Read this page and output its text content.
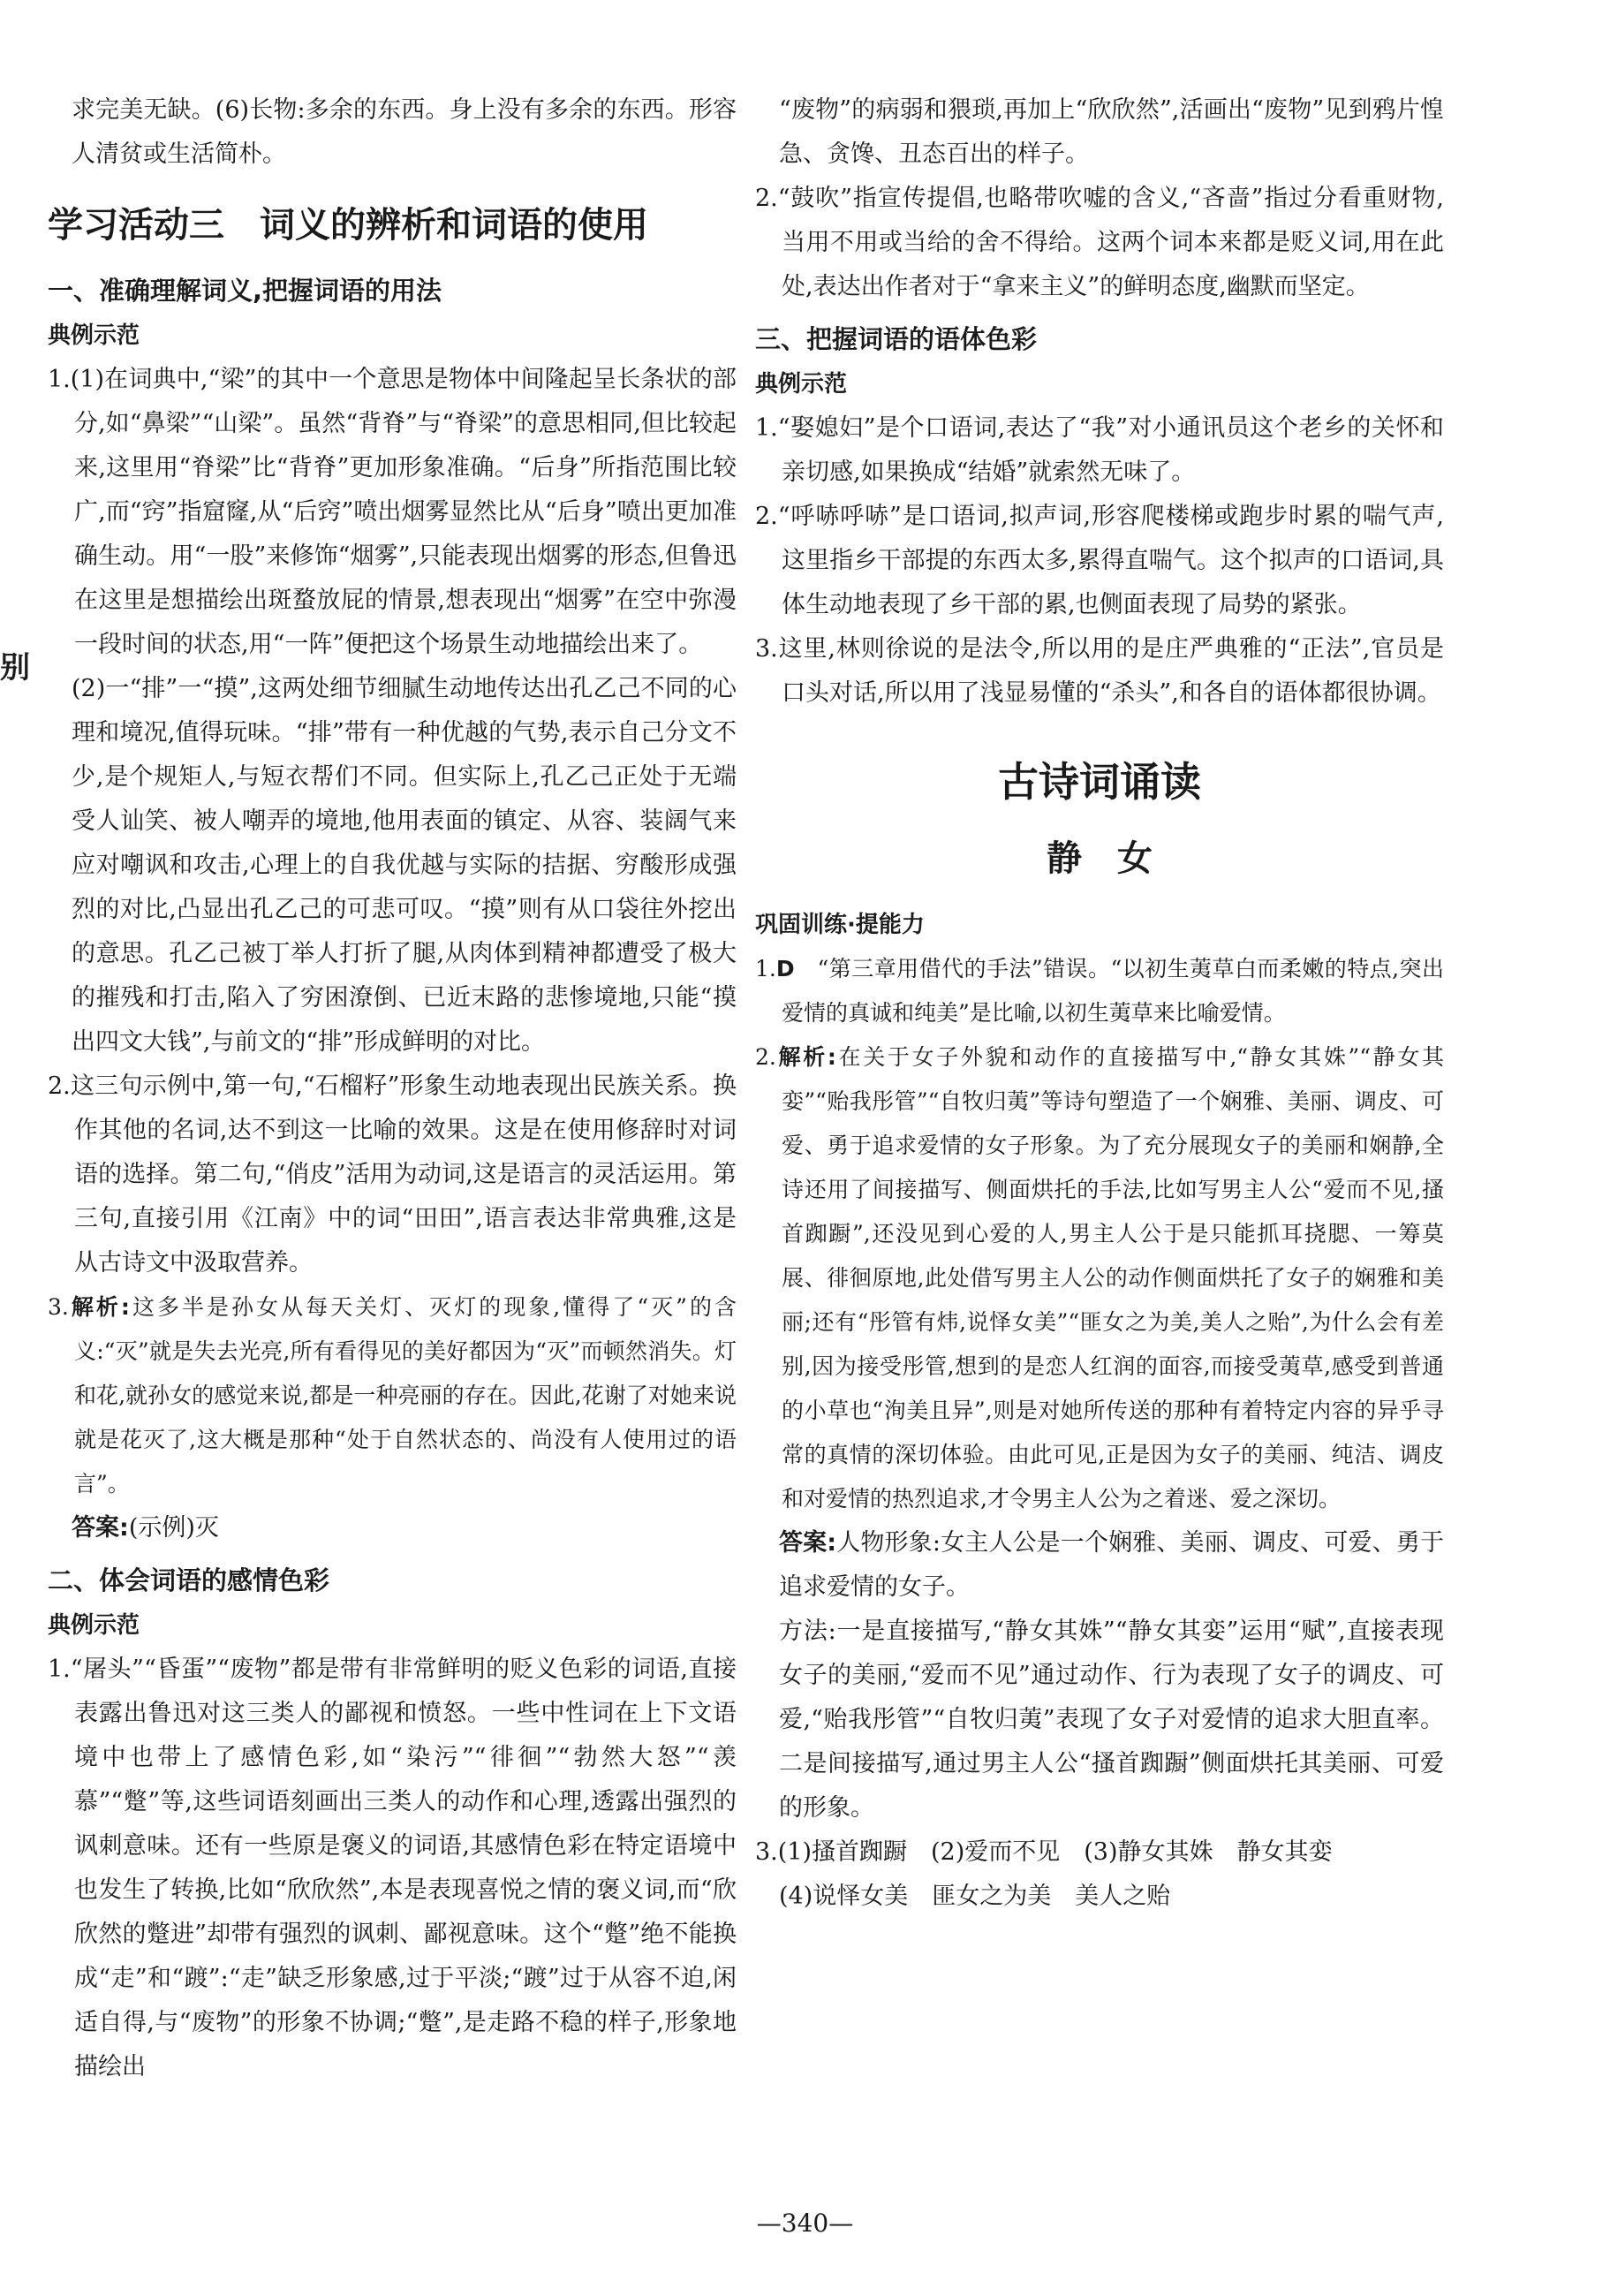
别

求完美无缺。(6)长物:多余的东西。身上没有多余的东西。形容人清贫或生活简朴。

学习活动三　词义的辨析和词语的使用
一、准确理解词义,把握词语的用法
典例示范

1.(1)在词典中,“梁”的其中一个意思是物体中间隆起呈长条状的部分,如“鼻梁”“山梁”。虽然“背脊”与“脊梁”的意思相同,但比较起来,这里用“脊梁”比“背脊”更加形象准确。“后身”所指范围比较广,而“窍”指窟窿,从“后窍”喷出烟雾显然比从“后身”喷出更加准确生动。用“一股”来修饰“烟雾”,只能表现出烟雾的形态,但鲁迅在这里是想描绘出斑蝥放屁的情景,想表现出“烟雾”在空中弥漫一段时间的状态,用“一阵”便把这个场景生动地描绘出来了。

(2)一“排”一“摸”,这两处细节细腻生动地传达出孔乙己不同的心理和境况,值得玩味。“排”带有一种优越的气势,表示自己分文不少,是个规矩人,与短衣帮们不同。但实际上,孔乙己正处于无端受人讪笑、被人嘲弄的境地,他用表面的镇定、从容、装阔气来应对嘲讽和攻击,心理上的自我优越与实际的拮据、穷酸形成强烈的对比,凸显出孔乙己的可悲可叹。“摸”则有从口袋往外挖出的意思。孔乙己被丁举人打折了腿,从肉体到精神都遭受了极大的摧残和打击,陷入了穷困潦倒、已近末路的悲惨境地,只能“摸出四文大钱”,与前文的“排”形成鲜明的对比。

2.这三句示例中,第一句,“石榴籽”形象生动地表现出民族关系。换作其他的名词,达不到这一比喻的效果。这是在使用修辞时对词语的选择。第二句,“俏皮”活用为动词,这是语言的灵活运用。第三句,直接引用《江南》中的词“田田”,语言表达非常典雅,这是从古诗文中汲取营养。

3.解析:这多半是孙女从每天关灯、灭灯的现象,懂得了“灭”的含义:“灭”就是失去光亮,所有看得见的美好都因为“灭”而顿然消失。灯和花,就孙女的感觉来说,都是一种亮丽的存在。因此,花谢了对她来说就是花灭了,这大概是那种“处于自然状态的、尚没有人使用过的语言”。

答案:(示例)灭

二、体会词语的感情色彩
典例示范

1.“屠头”“昏蛋”“废物”都是带有非常鲜明的贬义色彩的词语,直接表露出鲁迅对这三类人的鄙视和愤怒。一些中性词在上下文语境中也带上了感情色彩,如“染污”“徘徊”“勃然大怒”“羡慕”“蹩”等,这些词语刻画出三类人的动作和心理,透露出强烈的讽刺意味。还有一些原是褒义的词语,其感情色彩在特定语境中也发生了转换,比如“欣欣然”,本是表现喜悦之情的褒义词,而“欣欣然的蹩进”却带有强烈的讽刺、鄙视意味。这个“蹩”绝不能换成“走”和“踱”:“走”缺乏形象感,过于平淡;“踱”过于从容不迫,闲适自得,与“废物”的形象不协调;“蹩”,是走路不稳的样子,形象地描绘出

“废物”的病弱和猥琐,再加上“欣欣然”,活画出“废物”见到鸦片惶急、贪馋、丑态百出的样子。

2.“鼓吹”指宣传提倡,也略带吹嘘的含义,“吝啬”指过分看重财物,当用不用或当给的舍不得给。这两个词本来都是贬义词,用在此处,表达出作者对于“拿来主义”的鲜明态度,幽默而坚定。

三、把握词语的语体色彩
典例示范

1.“娶媳妇”是个口语词,表达了“我”对小通讯员这个老乡的关怀和亲切感,如果换成“结婚”就索然无味了。

2.“呼哧呼哧”是口语词,拟声词,形容爬楼梯或跑步时累的喘气声,这里指乡干部提的东西太多,累得直喘气。这个拟声的口语词,具体生动地表现了乡干部的累,也侧面表现了局势的紧张。

3.这里,林则徐说的是法令,所以用的是庄严典雅的“正法”,官员是口头对话,所以用了浅显易懂的“杀头”,和各自的语体都很协调。

古诗词诵读
静　女
巩固训练·提能力

1.D　 “第三章用借代的手法”错误。“以初生荑草白而柔嫩的特点,突出爱情的真诚和纯美”是比喻,以初生荑草来比喻爱情。

2.解析:在关于女子外貌和动作的直接描写中,“静女其姝”“静女其娈”“贻我彤管”“自牧归荑”等诗句塑造了一个娴雅、美丽、调皮、可爱、勇于追求爱情的女子形象。为了充分展现女子的美丽和娴静,全诗还用了间接描写、侧面烘托的手法,比如写男主人公“爱而不见,搔首踟蹰”,还没见到心爱的人,男主人公于是只能抓耳挠腮、一筹莫展、徘徊原地,此处借写男主人公的动作侧面烘托了女子的娴雅和美丽;还有“彤管有炜,说怿女美”“匪女之为美,美人之贻”,为什么会有差别,因为接受彤管,想到的是恋人红润的面容,而接受荑草,感受到普通的小草也“洵美且异”,则是对她所传送的那种有着特定内容的异乎寻常的真情的深切体验。由此可见,正是因为女子的美丽、纯洁、调皮和对爱情的热烈追求,才令男主人公为之着迷、爱之深切。

答案:人物形象:女主人公是一个娴雅、美丽、调皮、可爱、勇于追求爱情的女子。

方法:一是直接描写,“静女其姝”“静女其娈”运用“赋”,直接表现女子的美丽,“爱而不见”通过动作、行为表现了女子的调皮、可爱,“贻我彤管”“自牧归荑”表现了女子对爱情的追求大胆直率。二是间接描写,通过男主人公“搔首踟蹰”侧面烘托其美丽、可爱的形象。

3.(1)搔首踟蹰　(2)爱而不见　(3)静女其姝　静女其娈

(4)说怿女美　匪女之为美　美人之贻

—340—
